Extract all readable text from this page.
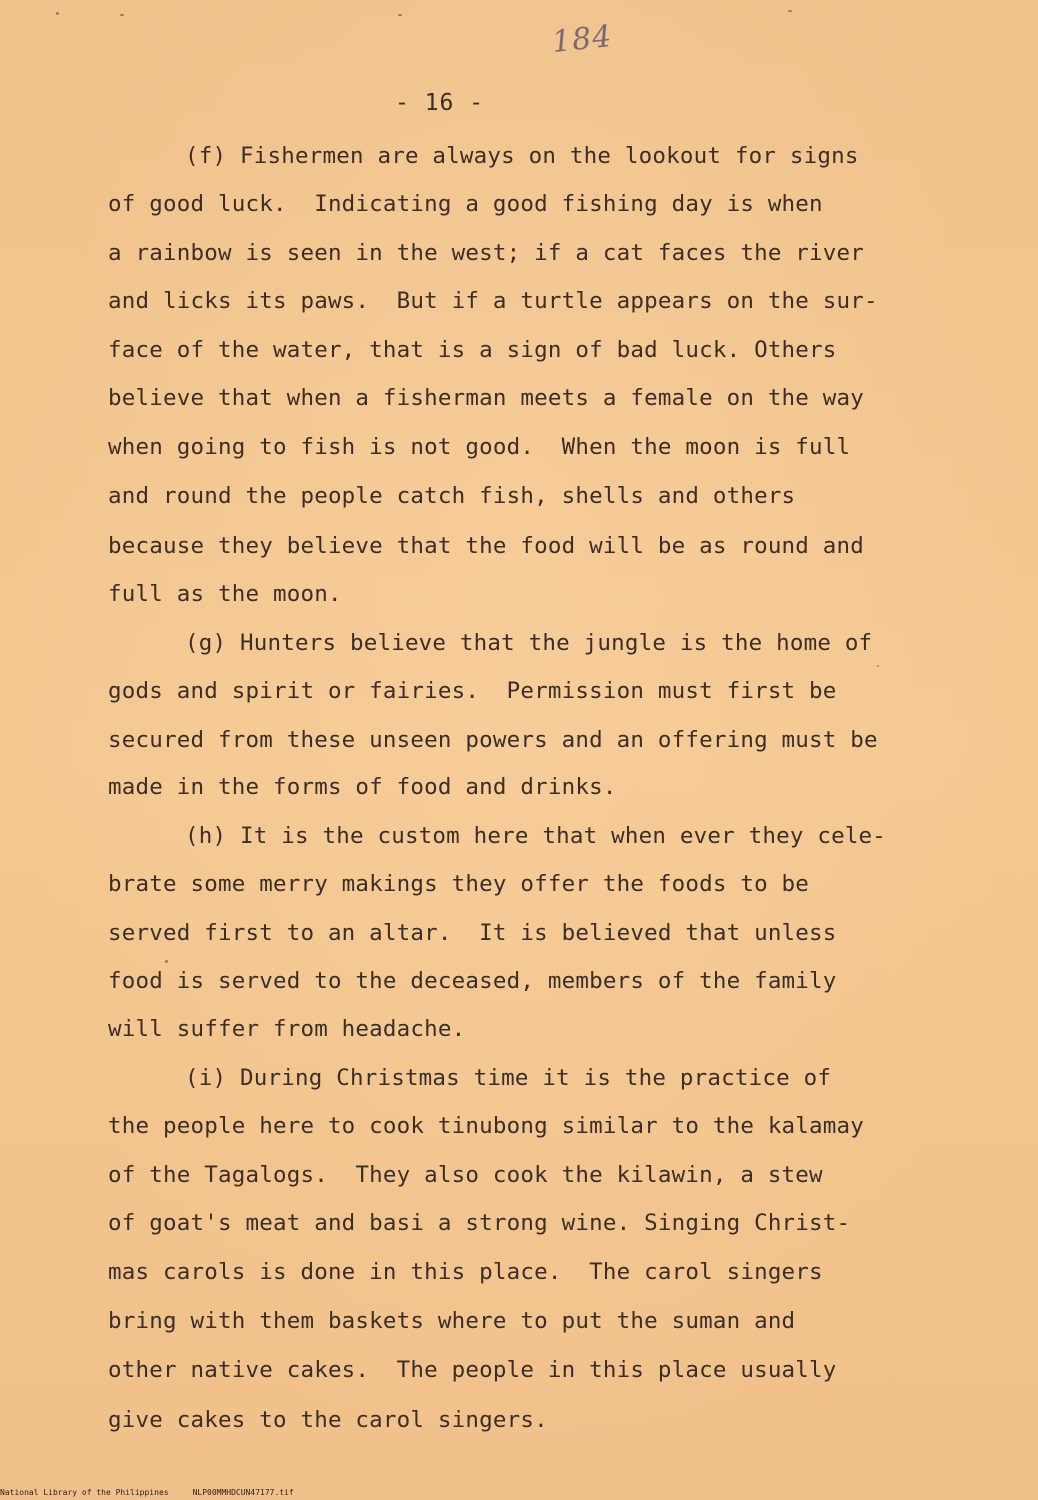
184
- 16 -
(f) Fishermen are always on the lookout for signs
of good luck.  Indicating a good fishing day is when
a rainbow is seen in the west; if a cat faces the river
and licks its paws.  But if a turtle appears on the sur-
face of the water, that is a sign of bad luck. Others
believe that when a fisherman meets a female on the way
when going to fish is not good.  When the moon is full
and round the people catch fish, shells and others
because they believe that the food will be as round and
full as the moon.
(g) Hunters believe that the jungle is the home of
gods and spirit or fairies.  Permission must first be
secured from these unseen powers and an offering must be
made in the forms of food and drinks.
(h) It is the custom here that when ever they cele-
brate some merry makings they offer the foods to be
served first to an altar.  It is believed that unless
food is served to the deceased, members of the family
will suffer from headache.
(i) During Christmas time it is the practice of
the people here to cook tinubong similar to the kalamay
of the Tagalogs.  They also cook the kilawin, a stew
of goat's meat and basi a strong wine. Singing Christ-
mas carols is done in this place.  The carol singers
bring with them baskets where to put the suman and
other native cakes.  The people in this place usually
give cakes to the carol singers.
National Library of the Philippines	NLP00MMHDCUN47177.tif
